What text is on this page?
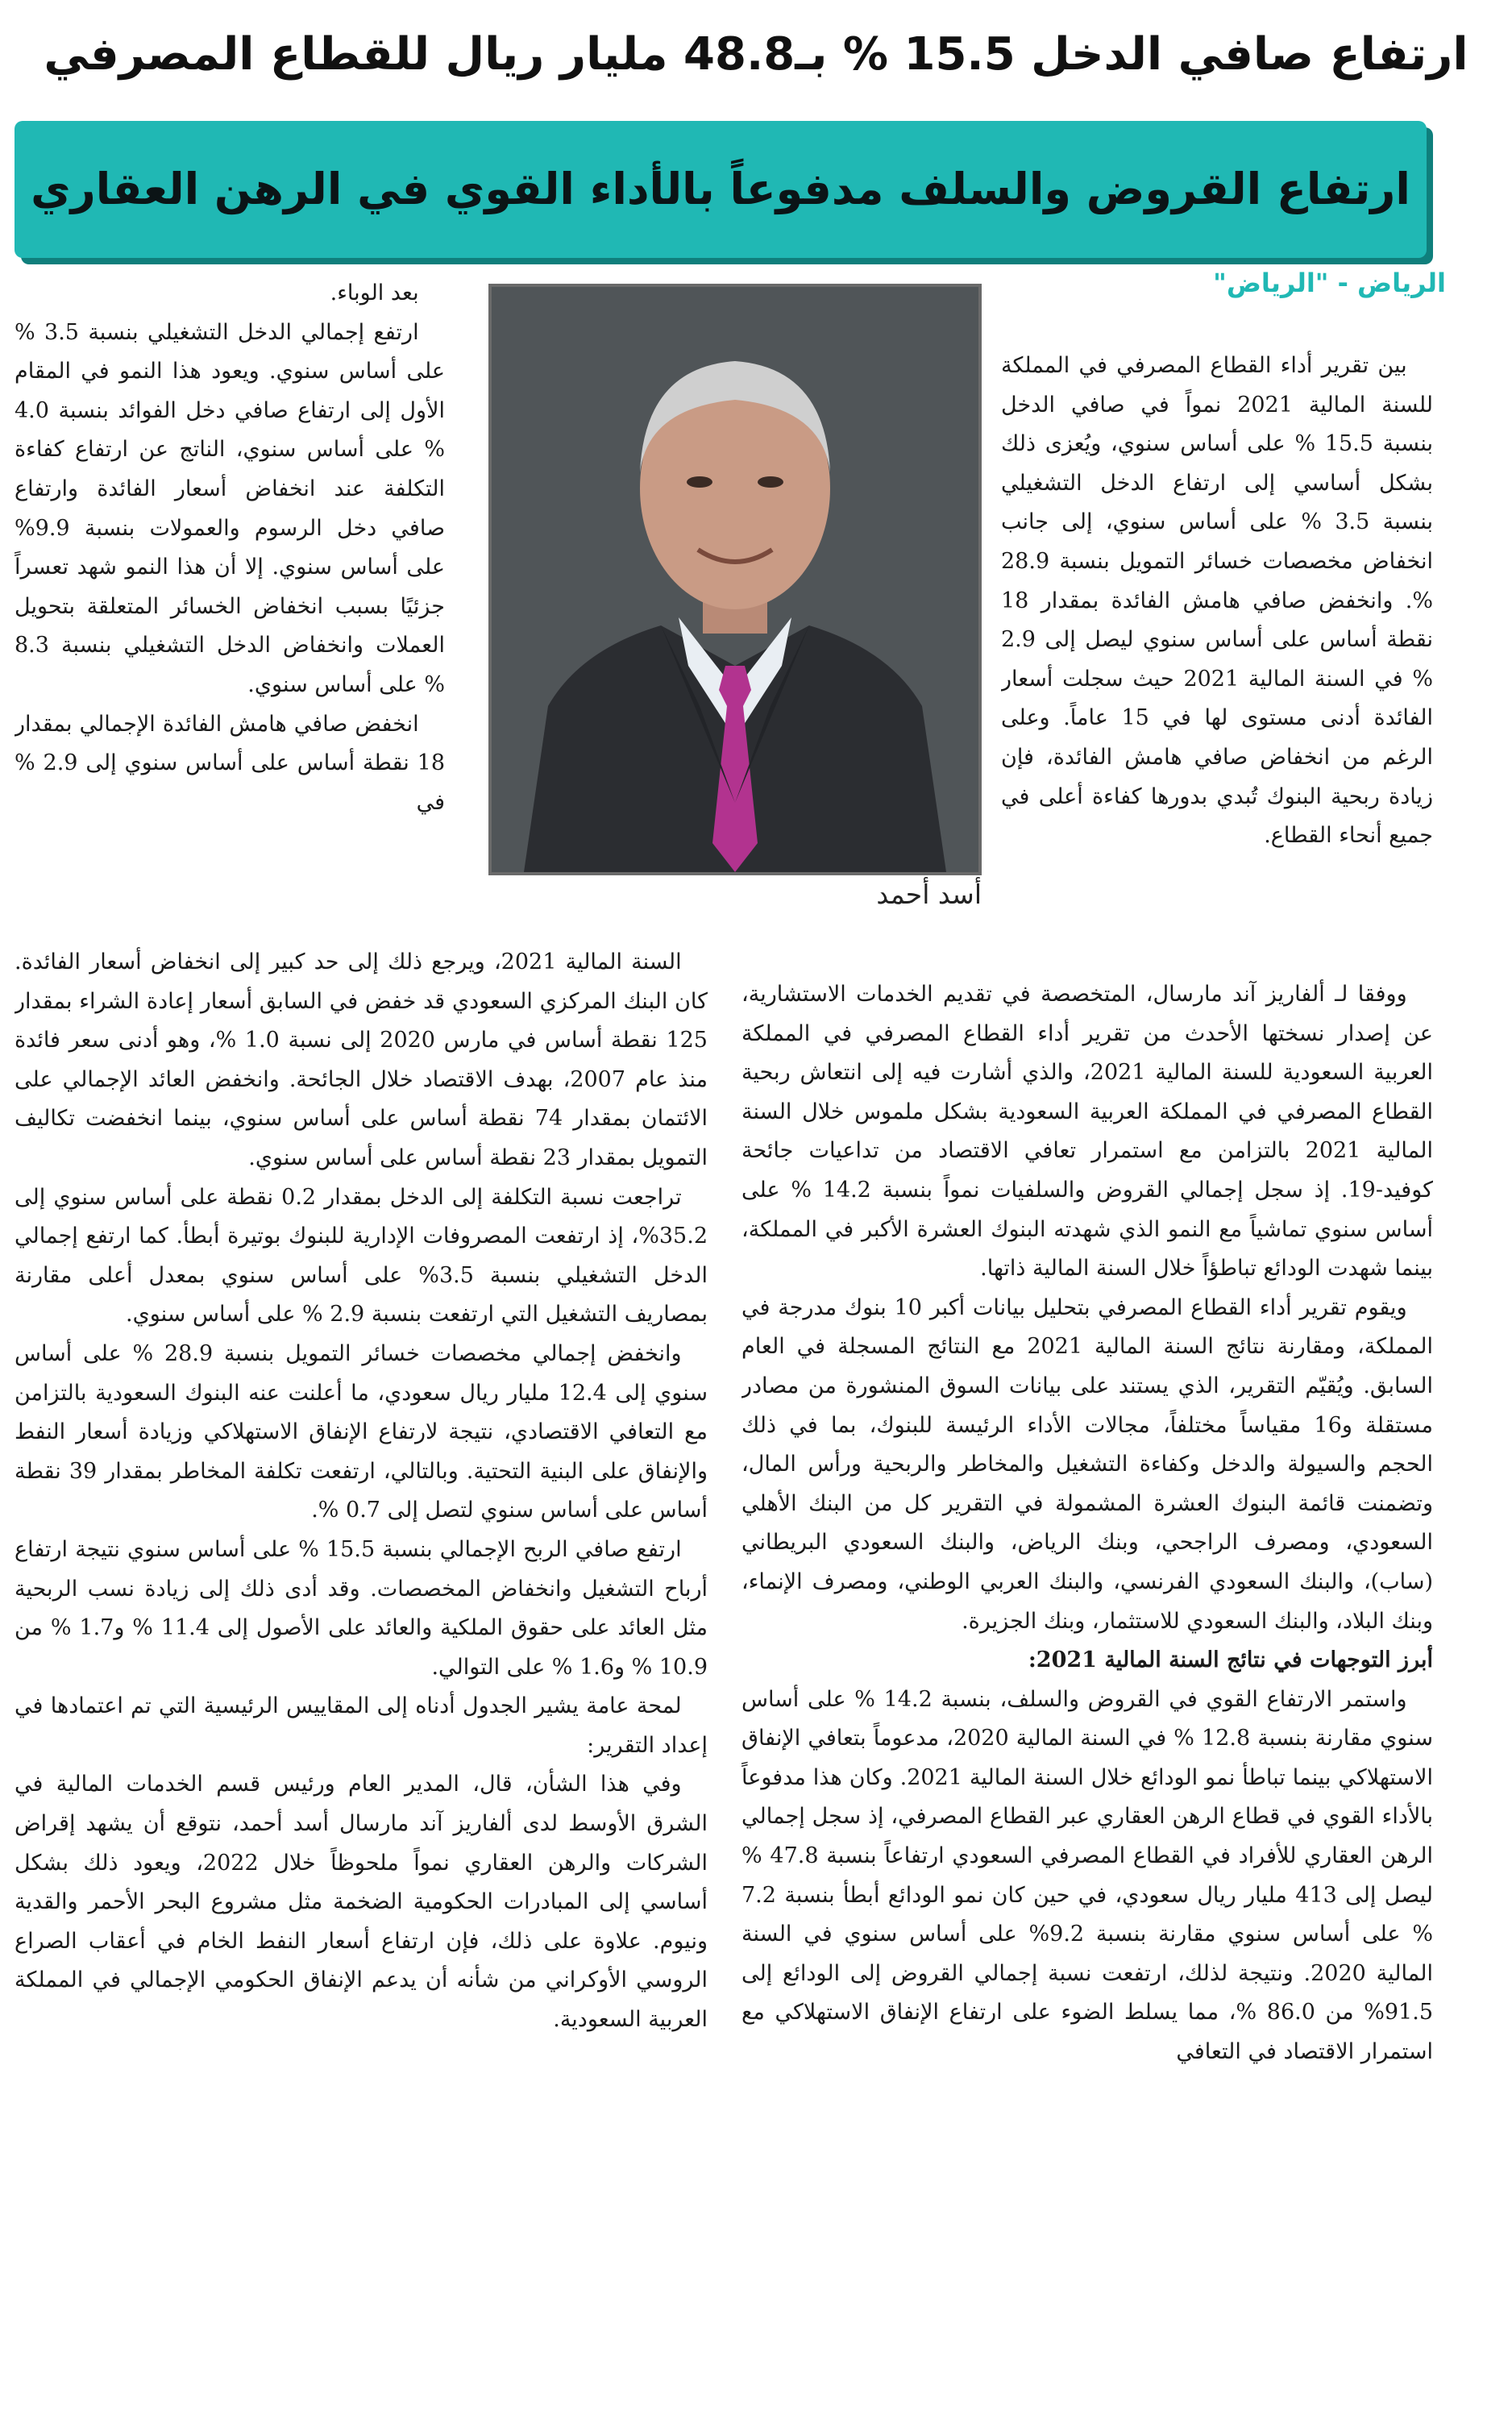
ارتفاع صافي الدخل 15.5 % بـ48.8 مليار ريال للقطاع المصرفي
ارتفاع القروض والسلف مدفوعاً بالأداء القوي في الرهن العقاري
الرياض - "الرياض"

بين تقرير أداء القطاع المصرفي في المملكة للسنة المالية 2021 نمواً في صافي الدخل بنسبة 15.5 % على أساس سنوي، ويُعزى ذلك بشكل أساسي إلى ارتفاع الدخل التشغيلي بنسبة 3.5 % على أساس سنوي، إلى جانب انخفاض مخصصات خسائر التمويل بنسبة 28.9 %. وانخفض صافي هامش الفائدة بمقدار 18 نقطة أساس على أساس سنوي ليصل إلى 2.9 % في السنة المالية 2021 حيث سجلت أسعار الفائدة أدنى مستوى لها في 15 عاماً. وعلى الرغم من انخفاض صافي هامش الفائدة، فإن زيادة ربحية البنوك تُبدي بدورها كفاءة أعلى في جميع أنحاء القطاع.

ووفقا لـ ألفاريز آند مارسال، المتخصصة في تقديم الخدمات الاستشارية، عن إصدار نسختها الأحدث من تقرير أداء القطاع المصرفي في المملكة العربية السعودية للسنة المالية 2021، والذي أشارت فيه إلى انتعاش ربحية القطاع المصرفي في المملكة العربية السعودية بشكل ملموس خلال السنة المالية 2021 بالتزامن مع استمرار تعافي الاقتصاد من تداعيات جائحة كوفيد-19. إذ سجل إجمالي القروض والسلفيات نمواً بنسبة 14.2 % على أساس سنوي تماشياً مع النمو الذي شهدته البنوك العشرة الأكبر في المملكة، بينما شهدت الودائع تباطؤاً خلال السنة المالية ذاتها.

ويقوم تقرير أداء القطاع المصرفي بتحليل بيانات أكبر 10 بنوك مدرجة في المملكة، ومقارنة نتائج السنة المالية 2021 مع النتائج المسجلة في العام السابق. ويُقيّم التقرير، الذي يستند على بيانات السوق المنشورة من مصادر مستقلة و16 مقياساً مختلفاً، مجالات الأداء الرئيسة للبنوك، بما في ذلك الحجم والسيولة والدخل وكفاءة التشغيل والمخاطر والربحية ورأس المال، وتضمنت قائمة البنوك العشرة المشمولة في التقرير كل من البنك الأهلي السعودي، ومصرف الراجحي، وبنك الرياض، والبنك السعودي البريطاني (ساب)، والبنك السعودي الفرنسي، والبنك العربي الوطني، ومصرف الإنماء، وبنك البلاد، والبنك السعودي للاستثمار، وبنك الجزيرة.

أبرز التوجهات في نتائج السنة المالية 2021:

واستمر الارتفاع القوي في القروض والسلف، بنسبة 14.2 % على أساس سنوي مقارنة بنسبة 12.8 % في السنة المالية 2020، مدعوماً بتعافي الإنفاق الاستهلاكي بينما تباطأ نمو الودائع خلال السنة المالية 2021. وكان هذا مدفوعاً بالأداء القوي في قطاع الرهن العقاري عبر القطاع المصرفي، إذ سجل إجمالي الرهن العقاري للأفراد في القطاع المصرفي السعودي ارتفاعاً بنسبة 47.8 % ليصل إلى 413 مليار ريال سعودي، في حين كان نمو الودائع أبطأ بنسبة 7.2 % على أساس سنوي مقارنة بنسبة 9.2% على أساس سنوي في السنة المالية 2020. ونتيجة لذلك، ارتفعت نسبة إجمالي القروض إلى الودائع إلى 91.5% من 86.0 %، مما يسلط الضوء على ارتفاع الإنفاق الاستهلاكي مع استمرار الاقتصاد في التعافي

بعد الوباء.

ارتفع إجمالي الدخل التشغيلي بنسبة 3.5 % على أساس سنوي. ويعود هذا النمو في المقام الأول إلى ارتفاع صافي دخل الفوائد بنسبة 4.0 % على أساس سنوي، الناتج عن ارتفاع كفاءة التكلفة عند انخفاض أسعار الفائدة وارتفاع صافي دخل الرسوم والعمولات بنسبة 9.9% على أساس سنوي. إلا أن هذا النمو شهد تعسراً جزئيًا بسبب انخفاض الخسائر المتعلقة بتحويل العملات وانخفاض الدخل التشغيلي بنسبة 8.3 % على أساس سنوي.

انخفض صافي هامش الفائدة الإجمالي بمقدار 18 نقطة أساس على أساس سنوي إلى 2.9 % في

السنة المالية 2021، ويرجع ذلك إلى حد كبير إلى انخفاض أسعار الفائدة. كان البنك المركزي السعودي قد خفض في السابق أسعار إعادة الشراء بمقدار 125 نقطة أساس في مارس 2020 إلى نسبة 1.0 %، وهو أدنى سعر فائدة منذ عام 2007، بهدف الاقتصاد خلال الجائحة. وانخفض العائد الإجمالي على الائتمان بمقدار 74 نقطة أساس على أساس سنوي، بينما انخفضت تكاليف التمويل بمقدار 23 نقطة أساس على أساس سنوي.

تراجعت نسبة التكلفة إلى الدخل بمقدار 0.2 نقطة على أساس سنوي إلى 35.2%، إذ ارتفعت المصروفات الإدارية للبنوك بوتيرة أبطأ. كما ارتفع إجمالي الدخل التشغيلي بنسبة 3.5% على أساس سنوي بمعدل أعلى مقارنة بمصاريف التشغيل التي ارتفعت بنسبة 2.9 % على أساس سنوي.

وانخفض إجمالي مخصصات خسائر التمويل بنسبة 28.9 % على أساس سنوي إلى 12.4 مليار ريال سعودي، ما أعلنت عنه البنوك السعودية بالتزامن مع التعافي الاقتصادي، نتيجة لارتفاع الإنفاق الاستهلاكي وزيادة أسعار النفط والإنفاق على البنية التحتية. وبالتالي، ارتفعت تكلفة المخاطر بمقدار 39 نقطة أساس على أساس سنوي لتصل إلى 0.7 %.

ارتفع صافي الربح الإجمالي بنسبة 15.5 % على أساس سنوي نتيجة ارتفاع أرباح التشغيل وانخفاض المخصصات. وقد أدى ذلك إلى زيادة نسب الربحية مثل العائد على حقوق الملكية والعائد على الأصول إلى 11.4 % و1.7 % من 10.9 % و1.6 % على التوالي.

لمحة عامة يشير الجدول أدناه إلى المقاييس الرئيسية التي تم اعتمادها في إعداد التقرير:

وفي هذا الشأن، قال، المدير العام ورئيس قسم الخدمات المالية في الشرق الأوسط لدى ألفاريز آند مارسال أسد أحمد، نتوقع أن يشهد إقراض الشركات والرهن العقاري نمواً ملحوظاً خلال 2022، ويعود ذلك بشكل أساسي إلى المبادرات الحكومية الضخمة مثل مشروع البحر الأحمر والقدية ونيوم. علاوة على ذلك، فإن ارتفاع أسعار النفط الخام في أعقاب الصراع الروسي الأوكراني من شأنه أن يدعم الإنفاق الحكومي الإجمالي في المملكة العربية السعودية.

أسد أحمد
